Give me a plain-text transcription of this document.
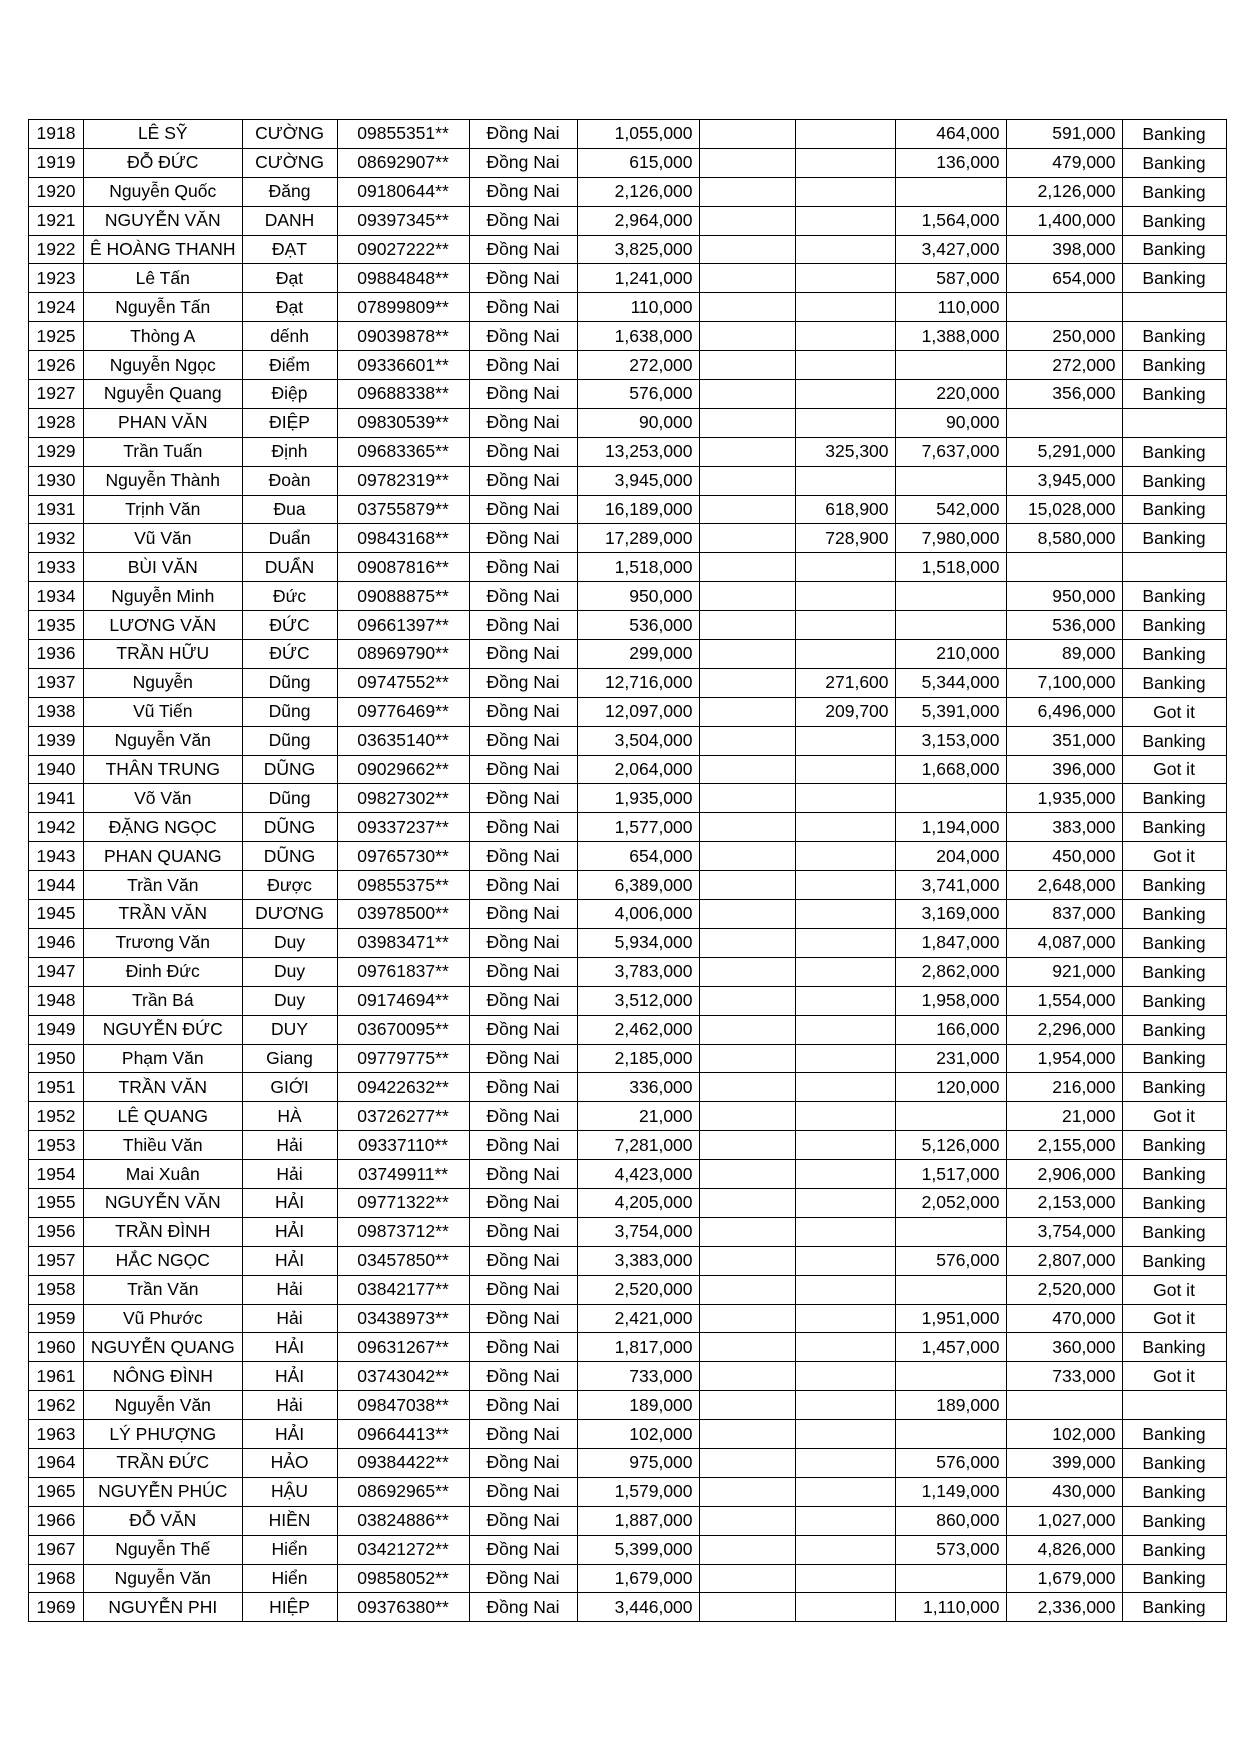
1918	LÊ SỸ	CƯỜNG	09855351**	Đồng Nai	1,055,000			464,000	591,000	Banking
1919	ĐỖ ĐỨC	CƯỜNG	08692907**	Đồng Nai	615,000			136,000	479,000	Banking
1920	Nguyễn Quốc	Đăng	09180644**	Đồng Nai	2,126,000				2,126,000	Banking
1921	NGUYỄN VĂN	DANH	09397345**	Đồng Nai	2,964,000			1,564,000	1,400,000	Banking
1922	Ê HOÀNG THANH	ĐẠT	09027222**	Đồng Nai	3,825,000			3,427,000	398,000	Banking
1923	Lê Tấn	Đạt	09884848**	Đồng Nai	1,241,000			587,000	654,000	Banking
1924	Nguyễn Tấn	Đạt	07899809**	Đồng Nai	110,000			110,000		
1925	Thòng A	dếnh	09039878**	Đồng Nai	1,638,000			1,388,000	250,000	Banking
1926	Nguyễn Ngọc	Điểm	09336601**	Đồng Nai	272,000				272,000	Banking
1927	Nguyễn Quang	Điệp	09688338**	Đồng Nai	576,000			220,000	356,000	Banking
1928	PHAN VĂN	ĐIỆP	09830539**	Đồng Nai	90,000			90,000		
1929	Trần Tuấn	Định	09683365**	Đồng Nai	13,253,000		325,300	7,637,000	5,291,000	Banking
1930	Nguyễn Thành	Đoàn	09782319**	Đồng Nai	3,945,000				3,945,000	Banking
1931	Trịnh Văn	Đua	03755879**	Đồng Nai	16,189,000		618,900	542,000	15,028,000	Banking
1932	Vũ Văn	Duẩn	09843168**	Đồng Nai	17,289,000		728,900	7,980,000	8,580,000	Banking
1933	BÙI VĂN	DUẨN	09087816**	Đồng Nai	1,518,000			1,518,000		
1934	Nguyễn Minh	Đức	09088875**	Đồng Nai	950,000				950,000	Banking
1935	LƯƠNG VĂN	ĐỨC	09661397**	Đồng Nai	536,000				536,000	Banking
1936	TRẦN HỮU	ĐỨC	08969790**	Đồng Nai	299,000			210,000	89,000	Banking
1937	Nguyễn	Dũng	09747552**	Đồng Nai	12,716,000		271,600	5,344,000	7,100,000	Banking
1938	Vũ Tiến	Dũng	09776469**	Đồng Nai	12,097,000		209,700	5,391,000	6,496,000	Got it
1939	Nguyễn Văn	Dũng	03635140**	Đồng Nai	3,504,000			3,153,000	351,000	Banking
1940	THÂN TRUNG	DŨNG	09029662**	Đồng Nai	2,064,000			1,668,000	396,000	Got it
1941	Võ Văn	Dũng	09827302**	Đồng Nai	1,935,000				1,935,000	Banking
1942	ĐẶNG NGỌC	DŨNG	09337237**	Đồng Nai	1,577,000			1,194,000	383,000	Banking
1943	PHAN QUANG	DŨNG	09765730**	Đồng Nai	654,000			204,000	450,000	Got it
1944	Trần Văn	Được	09855375**	Đồng Nai	6,389,000			3,741,000	2,648,000	Banking
1945	TRẦN VĂN	DƯƠNG	03978500**	Đồng Nai	4,006,000			3,169,000	837,000	Banking
1946	Trương Văn	Duy	03983471**	Đồng Nai	5,934,000			1,847,000	4,087,000	Banking
1947	Đinh Đức	Duy	09761837**	Đồng Nai	3,783,000			2,862,000	921,000	Banking
1948	Trần Bá	Duy	09174694**	Đồng Nai	3,512,000			1,958,000	1,554,000	Banking
1949	NGUYỄN ĐỨC	DUY	03670095**	Đồng Nai	2,462,000			166,000	2,296,000	Banking
1950	Phạm Văn	Giang	09779775**	Đồng Nai	2,185,000			231,000	1,954,000	Banking
1951	TRẦN VĂN	GIỚI	09422632**	Đồng Nai	336,000			120,000	216,000	Banking
1952	LÊ QUANG	HÀ	03726277**	Đồng Nai	21,000				21,000	Got it
1953	Thiều Văn	Hải	09337110**	Đồng Nai	7,281,000			5,126,000	2,155,000	Banking
1954	Mai Xuân	Hải	03749911**	Đồng Nai	4,423,000			1,517,000	2,906,000	Banking
1955	NGUYỄN VĂN	HẢI	09771322**	Đồng Nai	4,205,000			2,052,000	2,153,000	Banking
1956	TRẦN ĐÌNH	HẢI	09873712**	Đồng Nai	3,754,000				3,754,000	Banking
1957	HẮC NGỌC	HẢI	03457850**	Đồng Nai	3,383,000			576,000	2,807,000	Banking
1958	Trần Văn	Hải	03842177**	Đồng Nai	2,520,000				2,520,000	Got it
1959	Vũ Phước	Hải	03438973**	Đồng Nai	2,421,000			1,951,000	470,000	Got it
1960	NGUYỄN QUANG	HẢI	09631267**	Đồng Nai	1,817,000			1,457,000	360,000	Banking
1961	NÔNG ĐÌNH	HẢI	03743042**	Đồng Nai	733,000				733,000	Got it
1962	Nguyễn Văn	Hải	09847038**	Đồng Nai	189,000			189,000		
1963	LÝ PHƯỢNG	HẢI	09664413**	Đồng Nai	102,000				102,000	Banking
1964	TRẦN ĐỨC	HẢO	09384422**	Đồng Nai	975,000			576,000	399,000	Banking
1965	NGUYỄN PHÚC	HẬU	08692965**	Đồng Nai	1,579,000			1,149,000	430,000	Banking
1966	ĐỖ VĂN	HIỀN	03824886**	Đồng Nai	1,887,000			860,000	1,027,000	Banking
1967	Nguyễn Thế	Hiển	03421272**	Đồng Nai	5,399,000			573,000	4,826,000	Banking
1968	Nguyễn Văn	Hiển	09858052**	Đồng Nai	1,679,000				1,679,000	Banking
1969	NGUYỄN PHI	HIỆP	09376380**	Đồng Nai	3,446,000			1,110,000	2,336,000	Banking
